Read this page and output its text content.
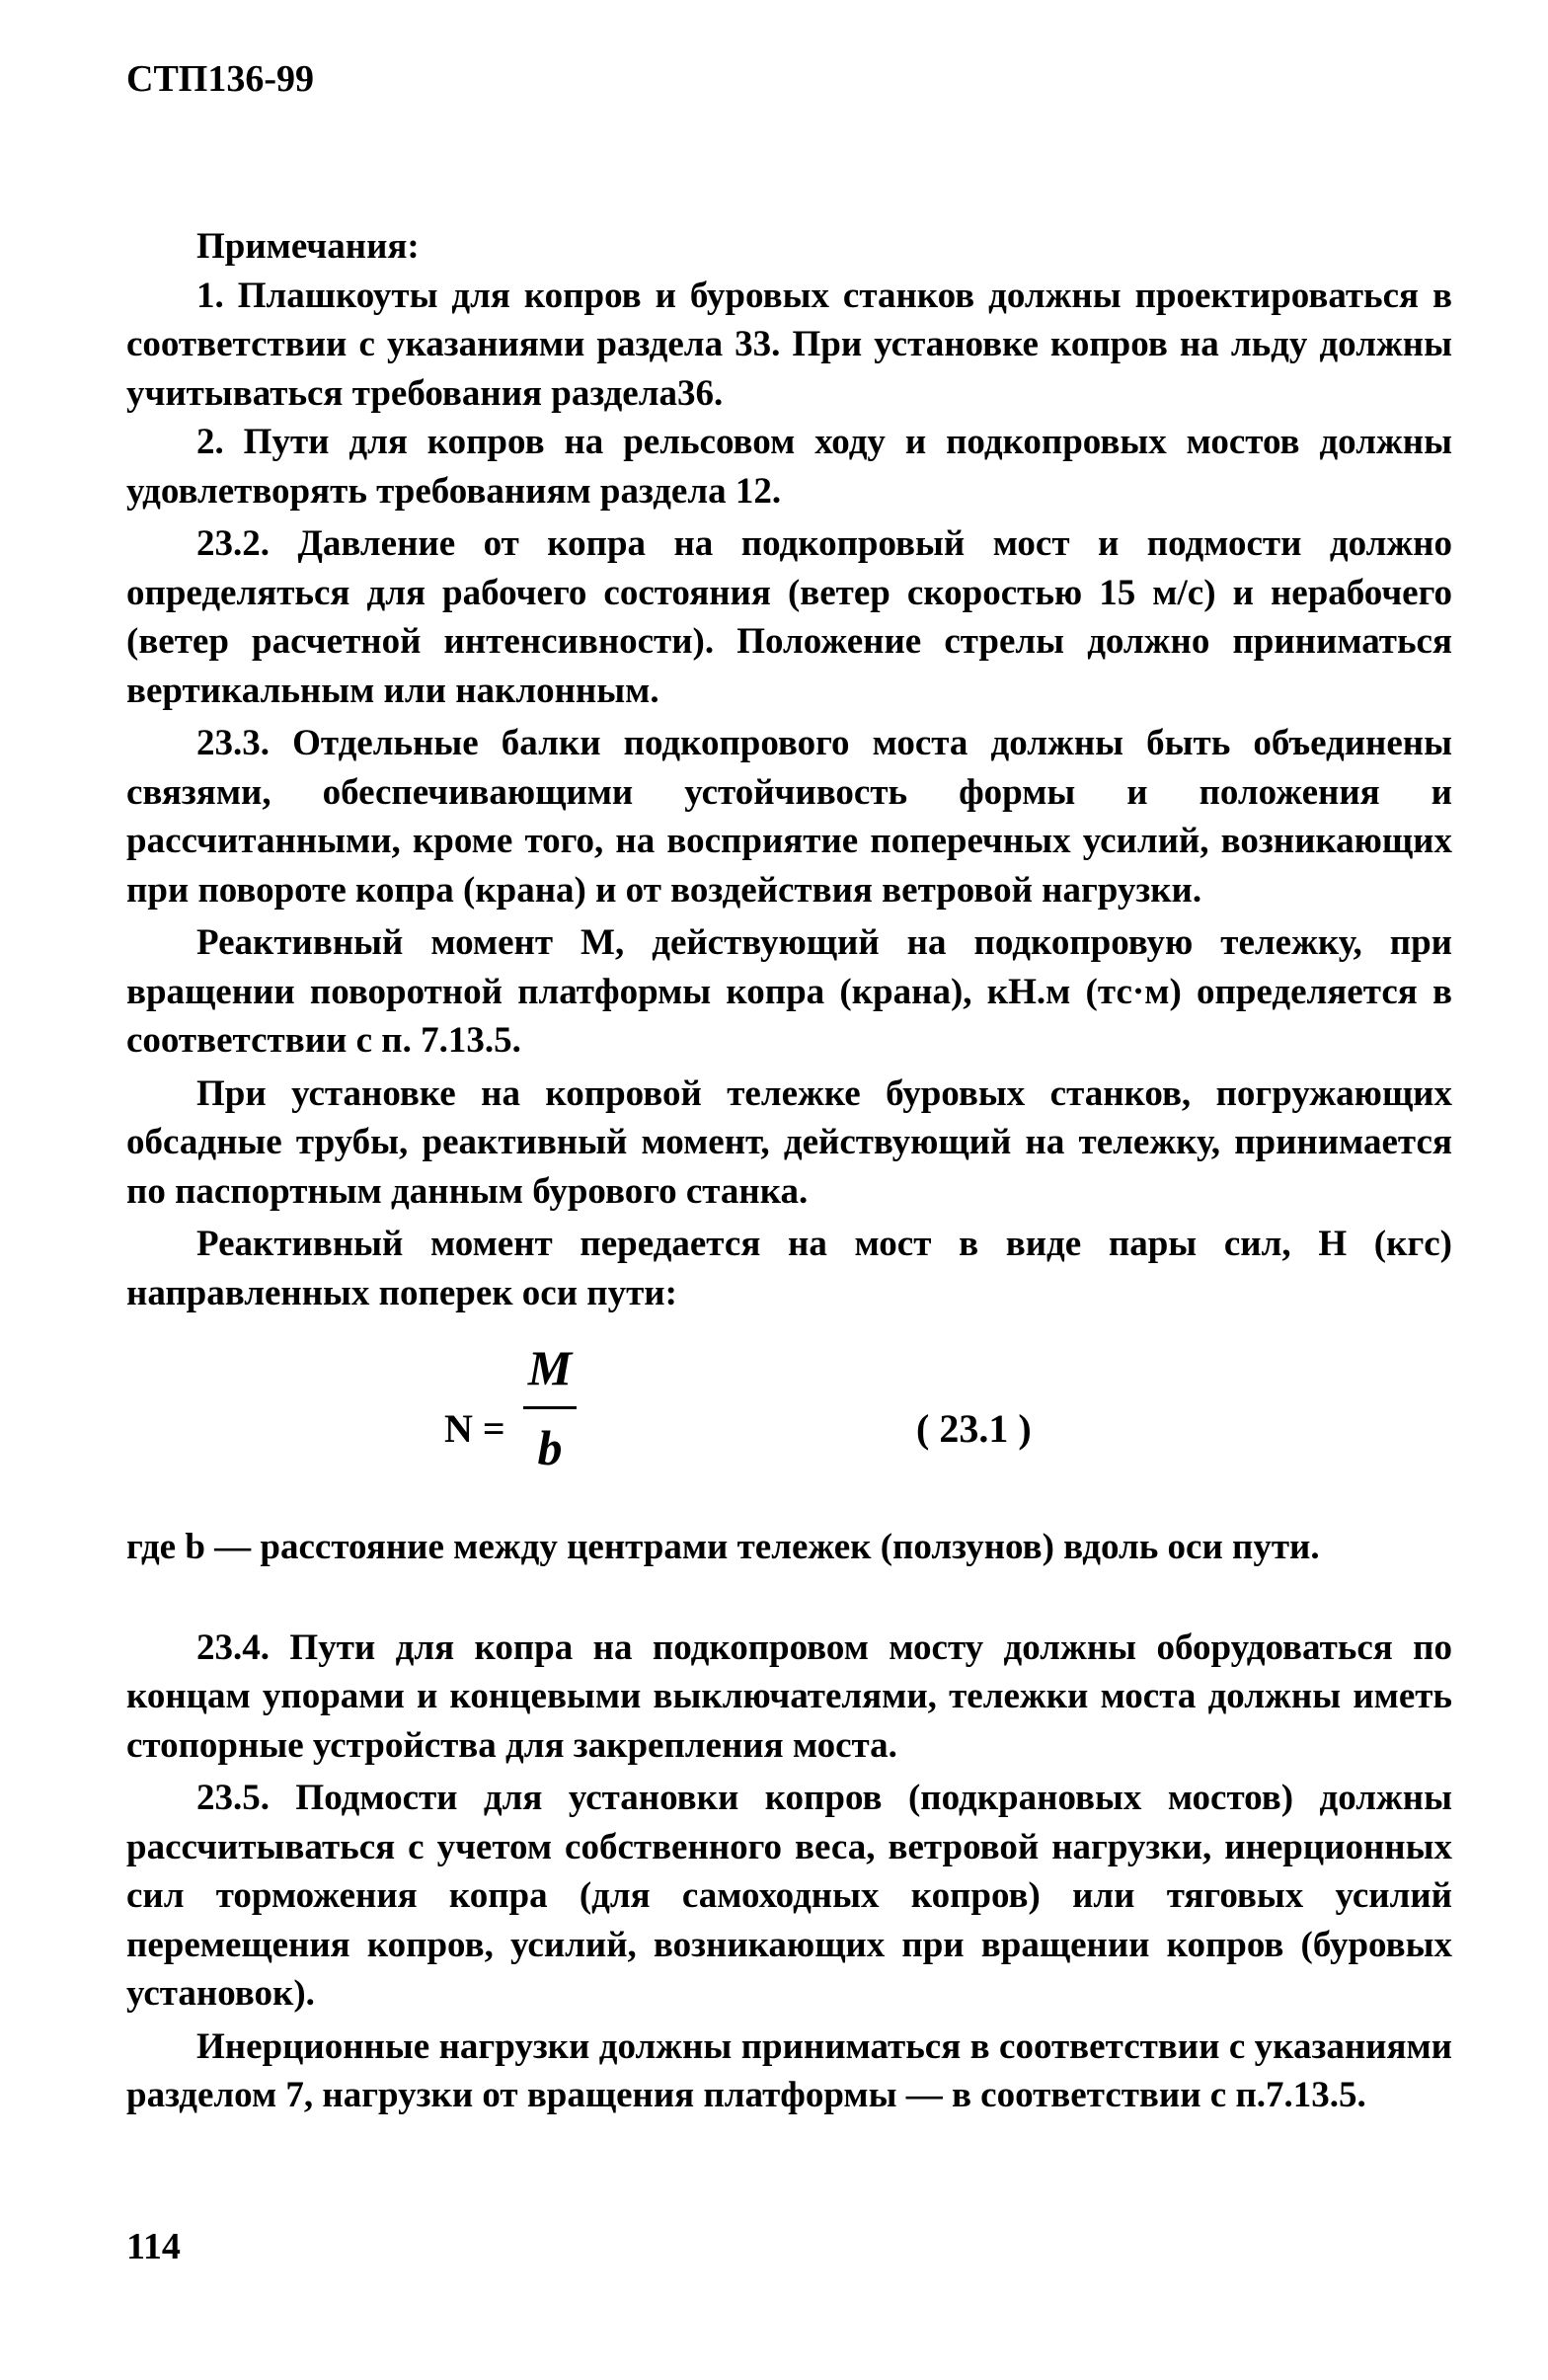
СТП136-99

Примечания:

1. Плашкоуты для копров и буровых станков должны проектироваться в соответствии с указаниями раздела 33. При установке копров на льду должны учитываться требования раздела36.

2. Пути для копров на рельсовом ходу и подкопровых мостов должны удовлетворять требованиям раздела 12.

23.2. Давление от копра на подкопровый мост и подмости должно определяться для рабочего состояния (ветер скоростью 15 м/с) и нерабочего (ветер расчетной интенсивности). Положение стрелы должно приниматься вертикальным или наклонным.

23.3. Отдельные балки подкопрового моста должны быть объединены связями, обеспечивающими устойчивость формы и положения и рассчитанными, кроме того, на восприятие поперечных усилий, возникающих при повороте копра (крана) и от воздействия ветровой нагрузки.

Реактивный момент М, действующий на подкопровую тележку, при вращении поворотной платформы копра (крана), кН.м (тс·м) определяется в соответствии с п. 7.13.5.

При установке на копровой тележке буровых станков, погружающих обсадные трубы, реактивный момент, действующий на тележку, принимается по паспортным данным бурового станка.

Реактивный момент передается на мост в виде пары сил, Н (кгс) направленных поперек оси пути:

N =
M
b	( 23.1 )

где b — расстояние между центрами тележек (ползунов) вдоль оси пути.

23.4. Пути для копра на подкопровом мосту должны оборудоваться по концам упорами и концевыми выключателями, тележки моста должны иметь стопорные устройства для закрепления моста.

23.5. Подмости для установки копров (подкрановых мостов) должны рассчитываться с учетом собственного веса, ветровой нагрузки, инерционных сил торможения копра (для самоходных копров) или тяговых усилий перемещения копров, усилий, возникающих при вращении копров (буровых установок).

Инерционные нагрузки должны приниматься в соответствии с указаниями разделом 7, нагрузки от вращения платформы — в соответствии с п.7.13.5.

114
